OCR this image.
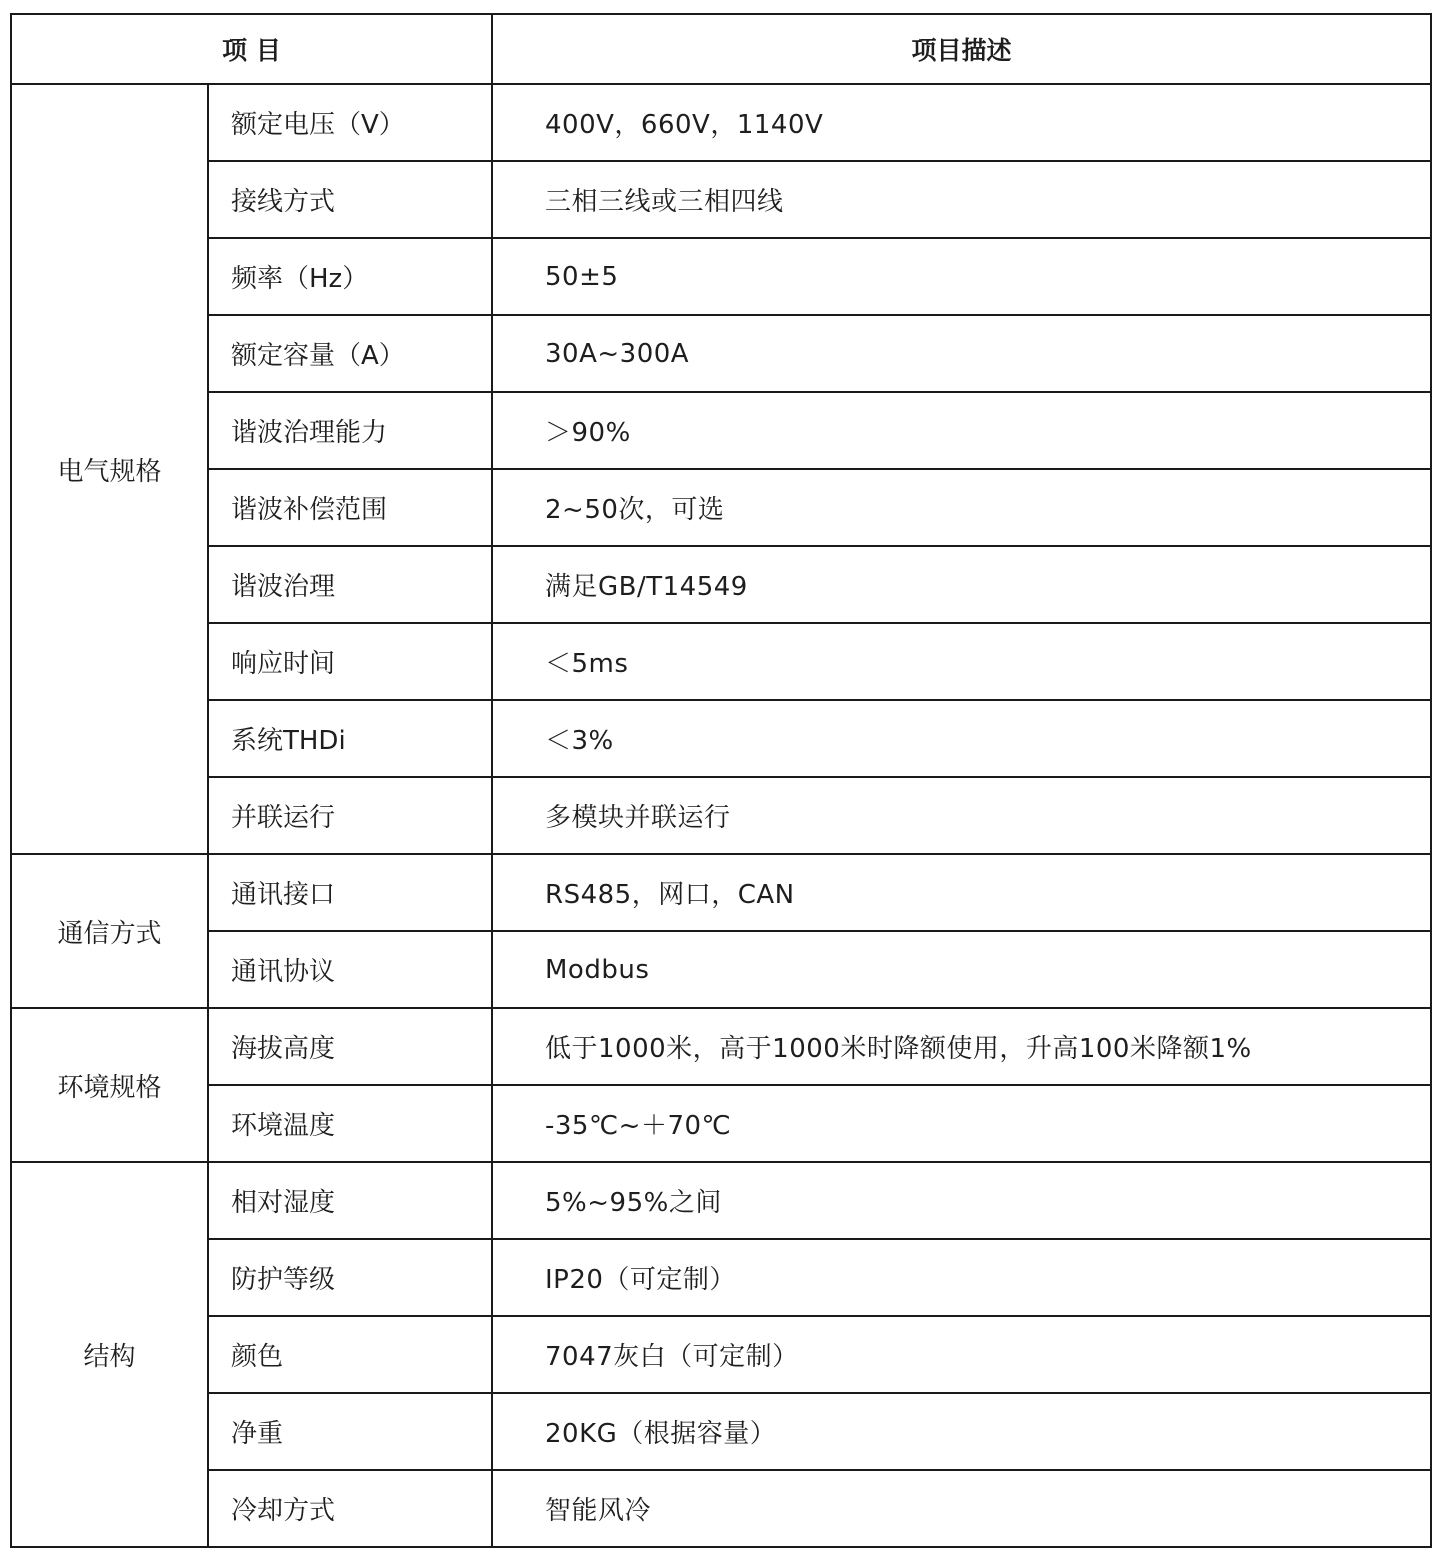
项 目		项目描述
电气规格	额定电压（V）	400V，660V，1140V
	接线方式	三相三线或三相四线
	频率（Hz）	50±5
	额定容量（A）	30A~300A
	谐波治理能力	＞90%
	谐波补偿范围	2~50次，可选
	谐波治理	满足GB/T14549
	响应时间	＜5ms
	系统THDi	＜3%
	并联运行	多模块并联运行
通信方式	通讯接口	RS485，网口，CAN
	通讯协议	Modbus
环境规格	海拔高度	低于1000米，高于1000米时降额使用，升高100米降额1%
	环境温度	-35℃~＋70℃
结构	相对湿度	5%~95%之间
	防护等级	IP20（可定制）
	颜色	7047灰白（可定制）
	净重	20KG（根据容量）
	冷却方式	智能风冷
